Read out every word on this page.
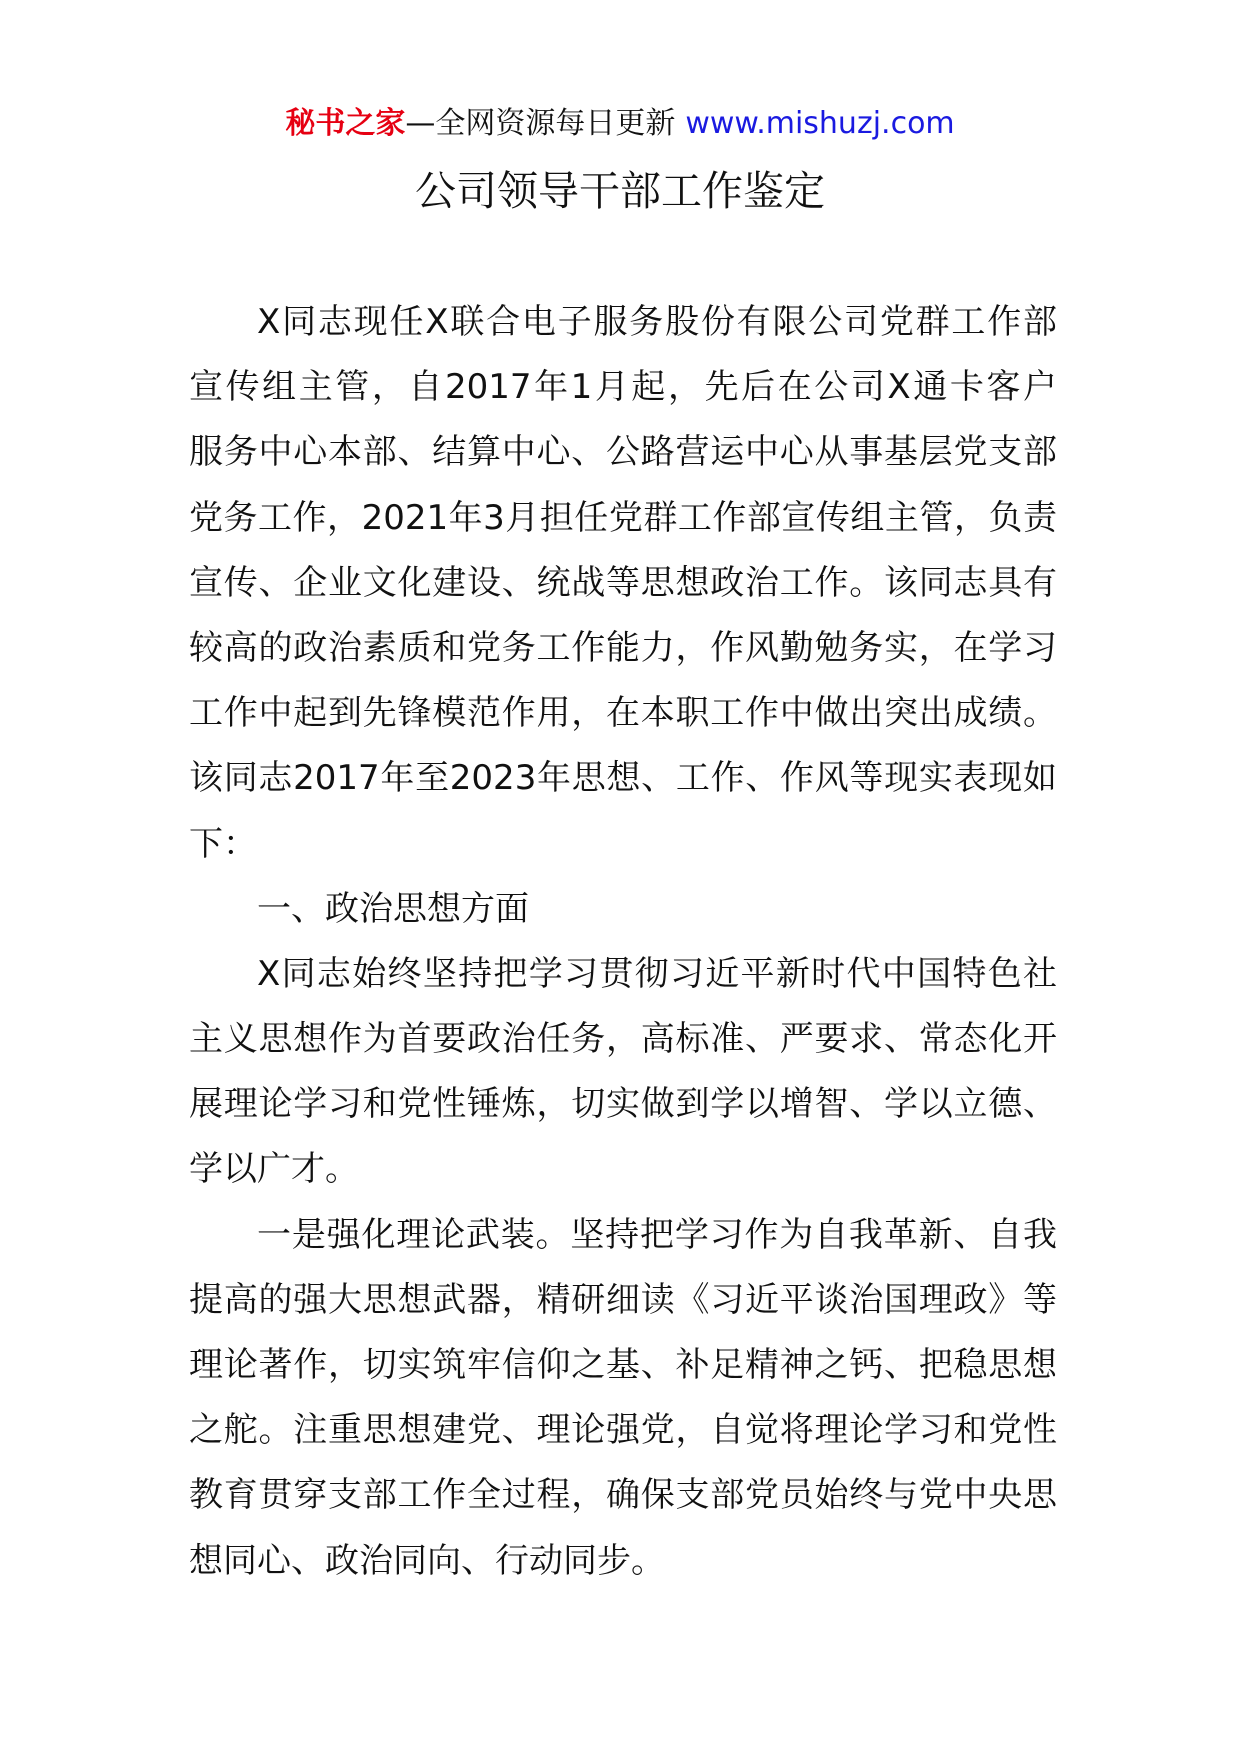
秘书之家—全网资源每日更新 www.mishuzj.com
公司领导干部工作鉴定
X同志现任X联合电子服务股份有限公司党群工作部
宣传组主管，自2017年1月起，先后在公司X通卡客户
服务中心本部、结算中心、公路营运中心从事基层党支部
党务工作，2021年3月担任党群工作部宣传组主管，负责
宣传、企业文化建设、统战等思想政治工作。该同志具有
较高的政治素质和党务工作能力，作风勤勉务实，在学习
工作中起到先锋模范作用，在本职工作中做出突出成绩。
该同志2017年至2023年思想、工作、作风等现实表现如
下：
一、政治思想方面
X同志始终坚持把学习贯彻习近平新时代中国特色社
主义思想作为首要政治任务，高标准、严要求、常态化开
展理论学习和党性锤炼，切实做到学以增智、学以立德、
学以广才。
一是强化理论武装。坚持把学习作为自我革新、自我
提高的强大思想武器，精研细读《习近平谈治国理政》等
理论著作，切实筑牢信仰之基、补足精神之钙、把稳思想
之舵。注重思想建党、理论强党，自觉将理论学习和党性
教育贯穿支部工作全过程，确保支部党员始终与党中央思
想同心、政治同向、行动同步。
